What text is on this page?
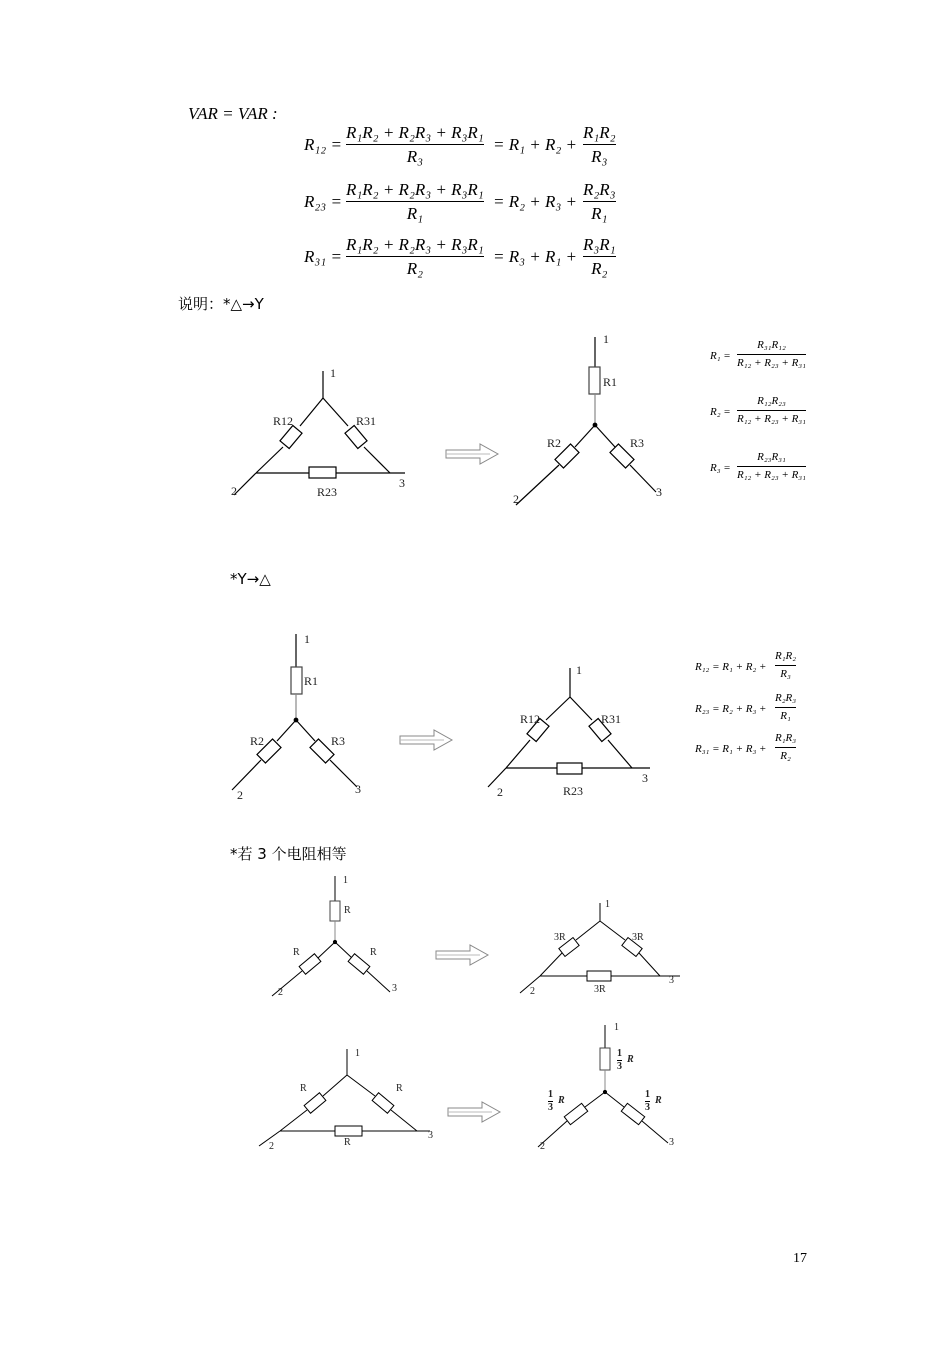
VAR = VAR :
R₁₂ =
R₁R₂ + R₂R₃ + R₃R₁
R₃
= R₁ + R₂ +
R₁R₂
R₃
R₂₃ =
R₁R₂ + R₂R₃ + R₃R₁
R₁
= R₂ + R₃ +
R₂R₃
R₁
R₃₁ =
R₁R₂ + R₂R₃ + R₃R₁
R₂
= R₃ + R₁ +
R₃R₁
R₂
说明：*△→Y
1
2
3
R12	R31
R23
1
2	3
R1
R2	R3
R₁ =
R₃₁R₁₂
R₁₂ + R₂₃ + R₃₁
R₂ =
R₁₂R₂₃
R₁₂ + R₂₃ + R₃₁
R₃ =
R₂₃R₃₁
R₁₂ + R₂₃ + R₃₁
*Y→△
1
2	3
R1
R2	R3
1
2
3
R12	R31
R23
R₁₂ = R₁ + R₂ +
R₁R₂
R₃
R₂₃ = R₂ + R₃ +
R₂R₃
R₁
R₃₁ = R₁ + R₃ +
R₁R₃
R₂
*若 3 个电阻相等
1
2	3
R
R	R
1
2
3
3R	3R
3R
1
2
3
R	R
R
1
2	3
1
3
R
1
3
R
1
3
R
17
